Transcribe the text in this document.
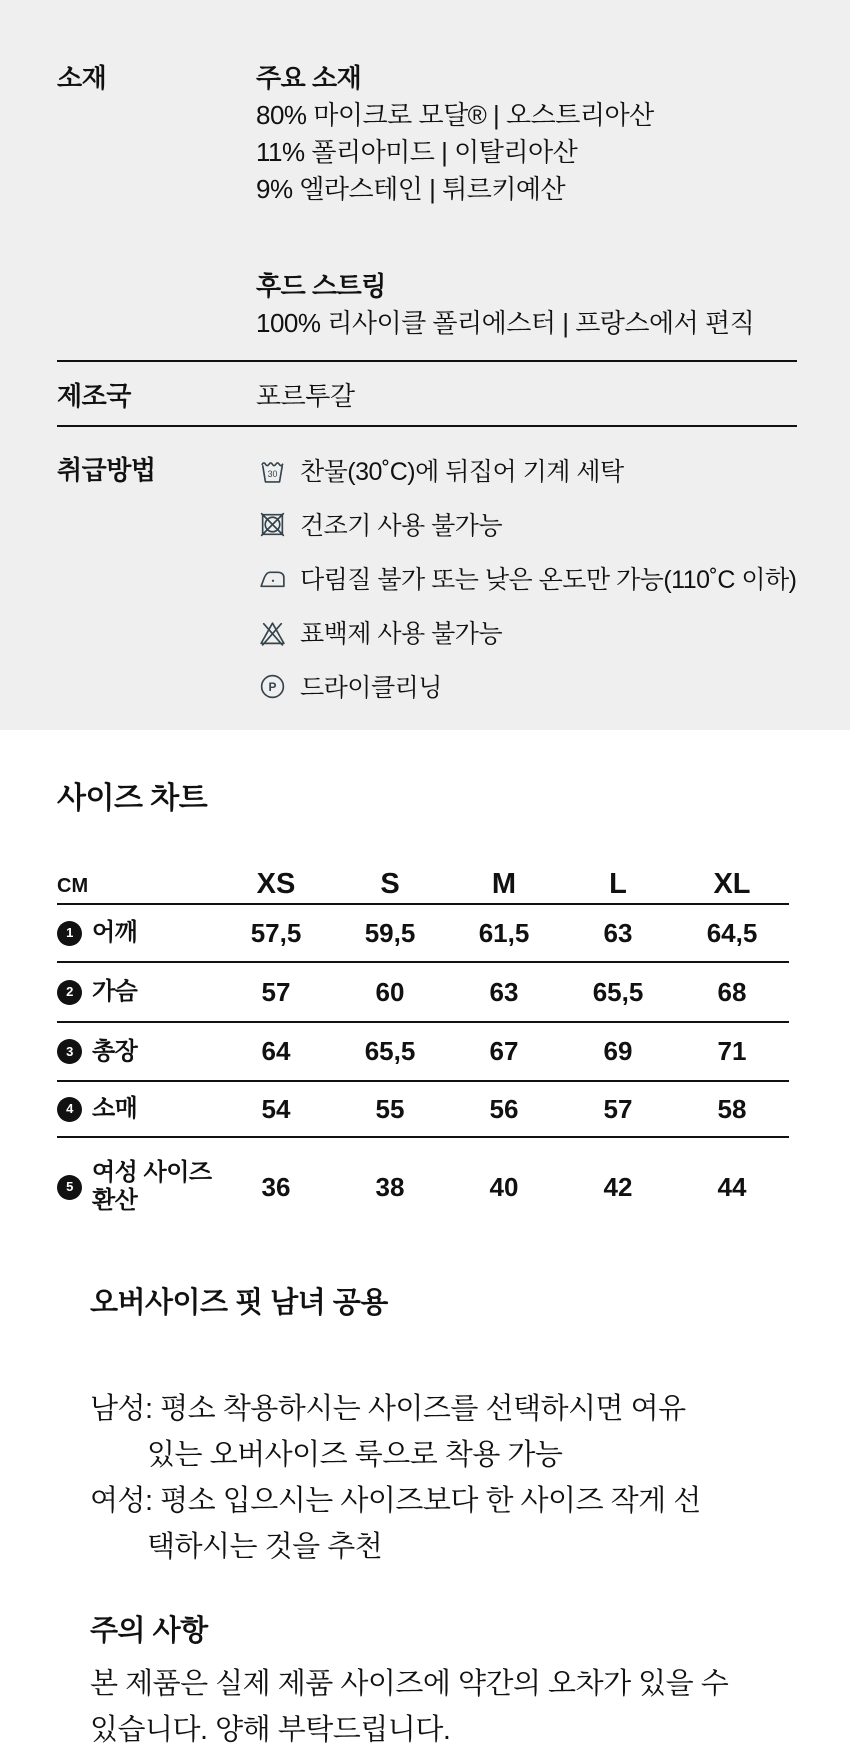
소재	주요 소재
80% 마이크로 모달® | 오스트리아산
11% 폴리아미드 | 이탈리아산
9% 엘라스테인 | 튀르키예산
후드 스트링
100% 리사이클 폴리에스터 | 프랑스에서 편직
제조국	포르투갈
취급방법	30 찬물(30˚C)에 뒤집어 기계 세탁
건조기 사용 불가능
다림질 불가 또는 낮은 온도만 가능(110˚C 이하)
표백제 사용 불가능
P 드라이클리닝
사이즈 차트
CM	XS	S	M	L	XL
1 어깨	57,5	59,5	61,5	63	64,5
2 가슴	57	60	63	65,5	68
3 총장	64	65,5	67	69	71
4 소매	54	55	56	57	58
5
여성 사이즈 환산	36	38	40	42	44
오버사이즈 핏 남녀 공용
남성: 평소 착용하시는 사이즈를 선택하시면 여유
있는 오버사이즈 룩으로 착용 가능
여성: 평소 입으시는 사이즈보다 한 사이즈 작게 선
택하시는 것을 추천
주의 사항
본 제품은 실제 제품 사이즈에 약간의 오차가 있을 수
있습니다. 양해 부탁드립니다.
